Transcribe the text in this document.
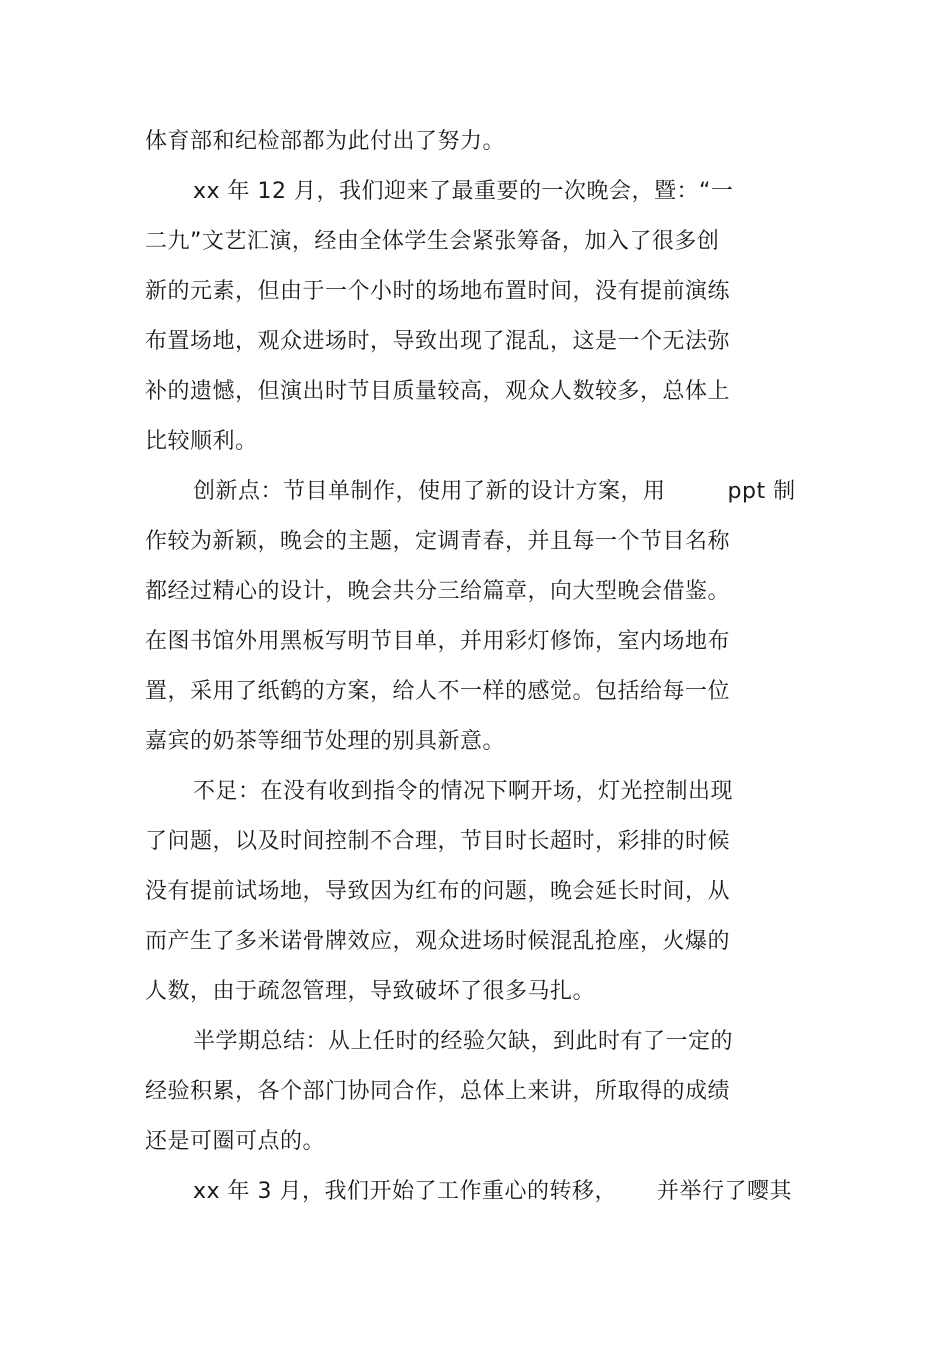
体育部和纪检部都为此付出了努力。
xx 年 12 月，我们迎来了最重要的一次晚会，暨：“一
二九”文艺汇演，经由全体学生会紧张筹备，加入了很多创
新的元素，但由于一个小时的场地布置时间，没有提前演练
布置场地，观众进场时，导致出现了混乱，这是一个无法弥
补的遗憾，但演出时节目质量较高，观众人数较多，总体上
比较顺利。
创新点：节目单制作，使用了新的设计方案，用	ppt 制
作较为新颖，晚会的主题，定调青春，并且每一个节目名称
都经过精心的设计，晚会共分三给篇章，向大型晚会借鉴。
在图书馆外用黑板写明节目单，并用彩灯修饰，室内场地布
置，采用了纸鹤的方案，给人不一样的感觉。包括给每一位
嘉宾的奶茶等细节处理的别具新意。
不足：在没有收到指令的情况下啊开场，灯光控制出现
了问题，以及时间控制不合理，节目时长超时，彩排的时候
没有提前试场地，导致因为红布的问题，晚会延长时间，从
而产生了多米诺骨牌效应，观众进场时候混乱抢座，火爆的
人数，由于疏忽管理，导致破坏了很多马扎。
半学期总结：从上任时的经验欠缺，到此时有了一定的
经验积累，各个部门协同合作，总体上来讲，所取得的成绩
还是可圈可点的。
xx 年 3 月，我们开始了工作重心的转移， 并举行了嘤其
